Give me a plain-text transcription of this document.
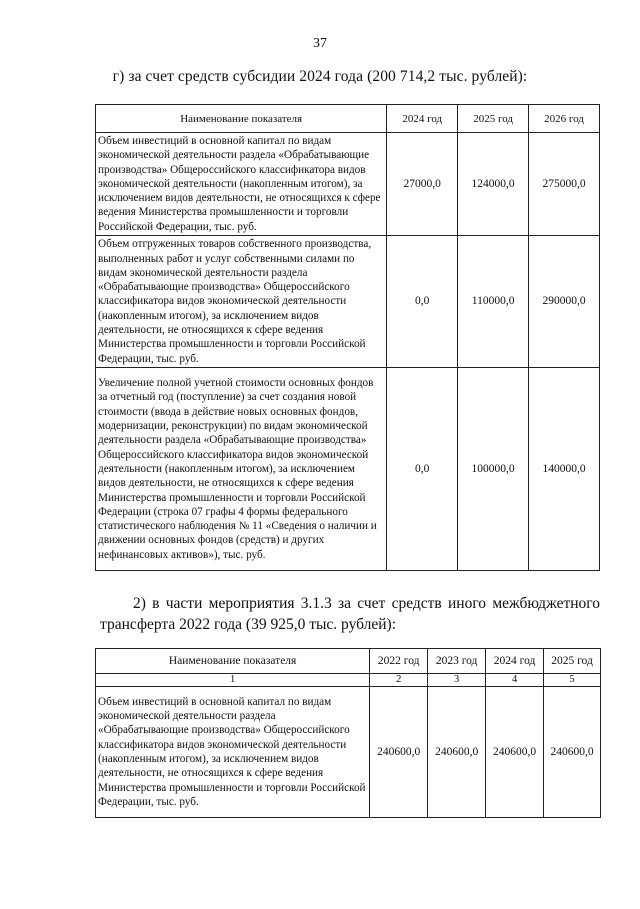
37
г) за счет средств субсидии 2024 года (200 714,2 тыс. рублей):
Наименование показателя	2024 год	2025 год	2026 год
Объем инвестиций в основной капитал по видам экономической деятельности раздела «Обрабатывающие производства» Общероссийского классификатора видов экономической деятельности (накопленным итогом), за исключением видов деятельности, не относящихся к сфере ведения Министерства промышленности и торговли Российской Федерации, тыс. руб.	27000,0	124000,0	275000,0
Объем отгруженных товаров собственного производства, выполненных работ и услуг собственными силами по видам экономической деятельности раздела «Обрабатывающие производства» Общероссийского классификатора видов экономической деятельности (накопленным итогом), за исключением видов деятельности, не относящихся к сфере ведения Министерства промышленности и торговли Российской Федерации, тыс. руб.	0,0	110000,0	290000,0
Увеличение полной учетной стоимости основных фондов за отчетный год (поступление) за счет создания новой стоимости (ввода в действие новых основных фондов, модернизации, реконструкции) по видам экономической деятельности раздела «Обрабатывающие производства» Общероссийского классификатора видов экономической деятельности (накопленным итогом), за исключением видов деятельности, не относящихся к сфере ведения Министерства промышленности и торговли Российской Федерации (строка 07 графы 4 формы федерального статистического наблюдения № 11 «Сведения о наличии и движении основных фондов (средств) и других нефинансовых активов»), тыс. руб.	0,0	100000,0	140000,0
2) в части мероприятия 3.1.3 за счет средств иного межбюджетного трансферта 2022 года (39 925,0 тыс. рублей):
Наименование показателя	2022 год	2023 год	2024 год	2025 год
1	2	3	4	5
Объем инвестиций в основной капитал по видам экономической деятельности раздела «Обрабатывающие производства» Общероссийского классификатора видов экономической деятельности (накопленным итогом), за исключением видов деятельности, не относящихся к сфере ведения Министерства промышленности и торговли Российской Федерации, тыс. руб.	240600,0	240600,0	240600,0	240600,0
